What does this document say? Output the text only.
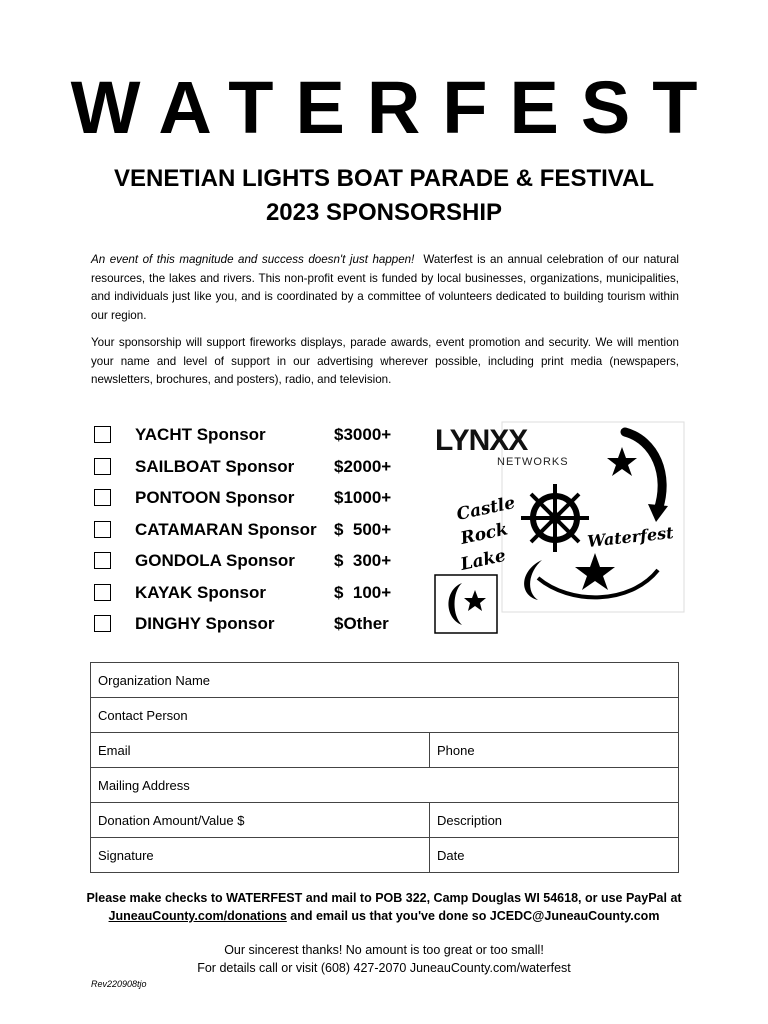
WATERFEST
VENETIAN LIGHTS BOAT PARADE & FESTIVAL
2023 SPONSORSHIP

An event of this magnitude and success doesn't just happen! Waterfest is an annual celebration of our natural resources, the lakes and rivers. This non-profit event is funded by local businesses, organizations, municipalities, and individuals just like you, and is coordinated by a committee of volunteers dedicated to building tourism within our region.

Your sponsorship will support fireworks displays, parade awards, event promotion and security. We will mention your name and level of support in our advertising wherever possible, including print media (newspapers, newsletters, brochures, and posters), radio, and television.

YACHT Sponsor	$3000+
SAILBOAT Sponsor $2000+
PONTOON Sponsor $1000+
CATAMARAN Sponsor $  500+
GONDOLA Sponsor $  300+
KAYAK Sponsor	$  100+
DINGHY Sponsor	$Other
LYNXX
NETWORKS
Castle
Rock
Lake
Waterfest
Organization Name	
Contact Person	
Email	Phone
Mailing Address	
Donation Amount/Value $	Description
Signature	Date
Please make checks to WATERFEST and mail to POB 322, Camp Douglas WI 54618, or use PayPal at
JuneauCounty.com/donations and email us that you've done so JCEDC@JuneauCounty.com
Our sincerest thanks! No amount is too great or too small!
For details call or visit (608) 427-2070 JuneauCounty.com/waterfest
Rev220908tjo
